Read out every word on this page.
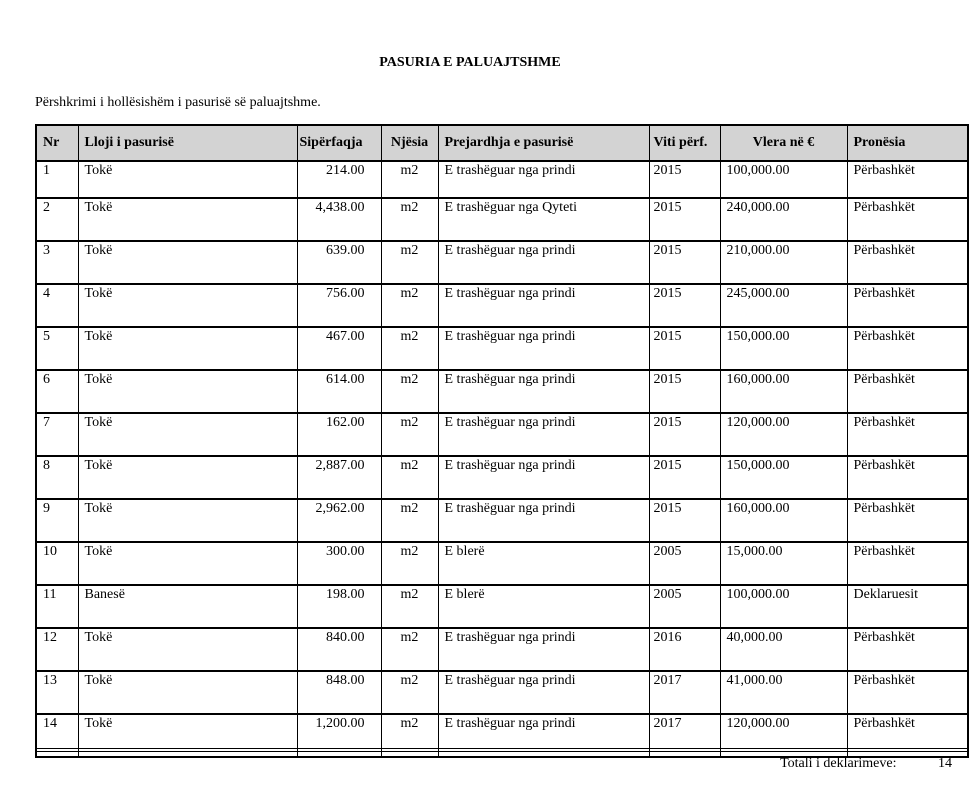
PASURIA E PALUAJTSHME
Përshkrimi i hollësishëm i pasurisë së paluajtshme.
Nr	Lloji i pasurisë	Sipërfaqja	Njësia	Prejardhja e pasurisë	Viti përf.	Vlera në €	Pronësia
1	Tokë	214.00	m2	E trashëguar nga prindi	2015	100,000.00	Përbashkët
2	Tokë	4,438.00	m2	E trashëguar nga Qyteti	2015	240,000.00	Përbashkët
3	Tokë	639.00	m2	E trashëguar nga prindi	2015	210,000.00	Përbashkët
4	Tokë	756.00	m2	E trashëguar nga prindi	2015	245,000.00	Përbashkët
5	Tokë	467.00	m2	E trashëguar nga prindi	2015	150,000.00	Përbashkët
6	Tokë	614.00	m2	E trashëguar nga prindi	2015	160,000.00	Përbashkët
7	Tokë	162.00	m2	E trashëguar nga prindi	2015	120,000.00	Përbashkët
8	Tokë	2,887.00	m2	E trashëguar nga prindi	2015	150,000.00	Përbashkët
9	Tokë	2,962.00	m2	E trashëguar nga prindi	2015	160,000.00	Përbashkët
10	Tokë	300.00	m2	E blerë	2005	15,000.00	Përbashkët
11	Banesë	198.00	m2	E blerë	2005	100,000.00	Deklaruesit
12	Tokë	840.00	m2	E trashëguar nga prindi	2016	40,000.00	Përbashkët
13	Tokë	848.00	m2	E trashëguar nga prindi	2017	41,000.00	Përbashkët
14	Tokë	1,200.00	m2	E trashëguar nga prindi	2017	120,000.00	Përbashkët
Totali i deklarimeve:	14
